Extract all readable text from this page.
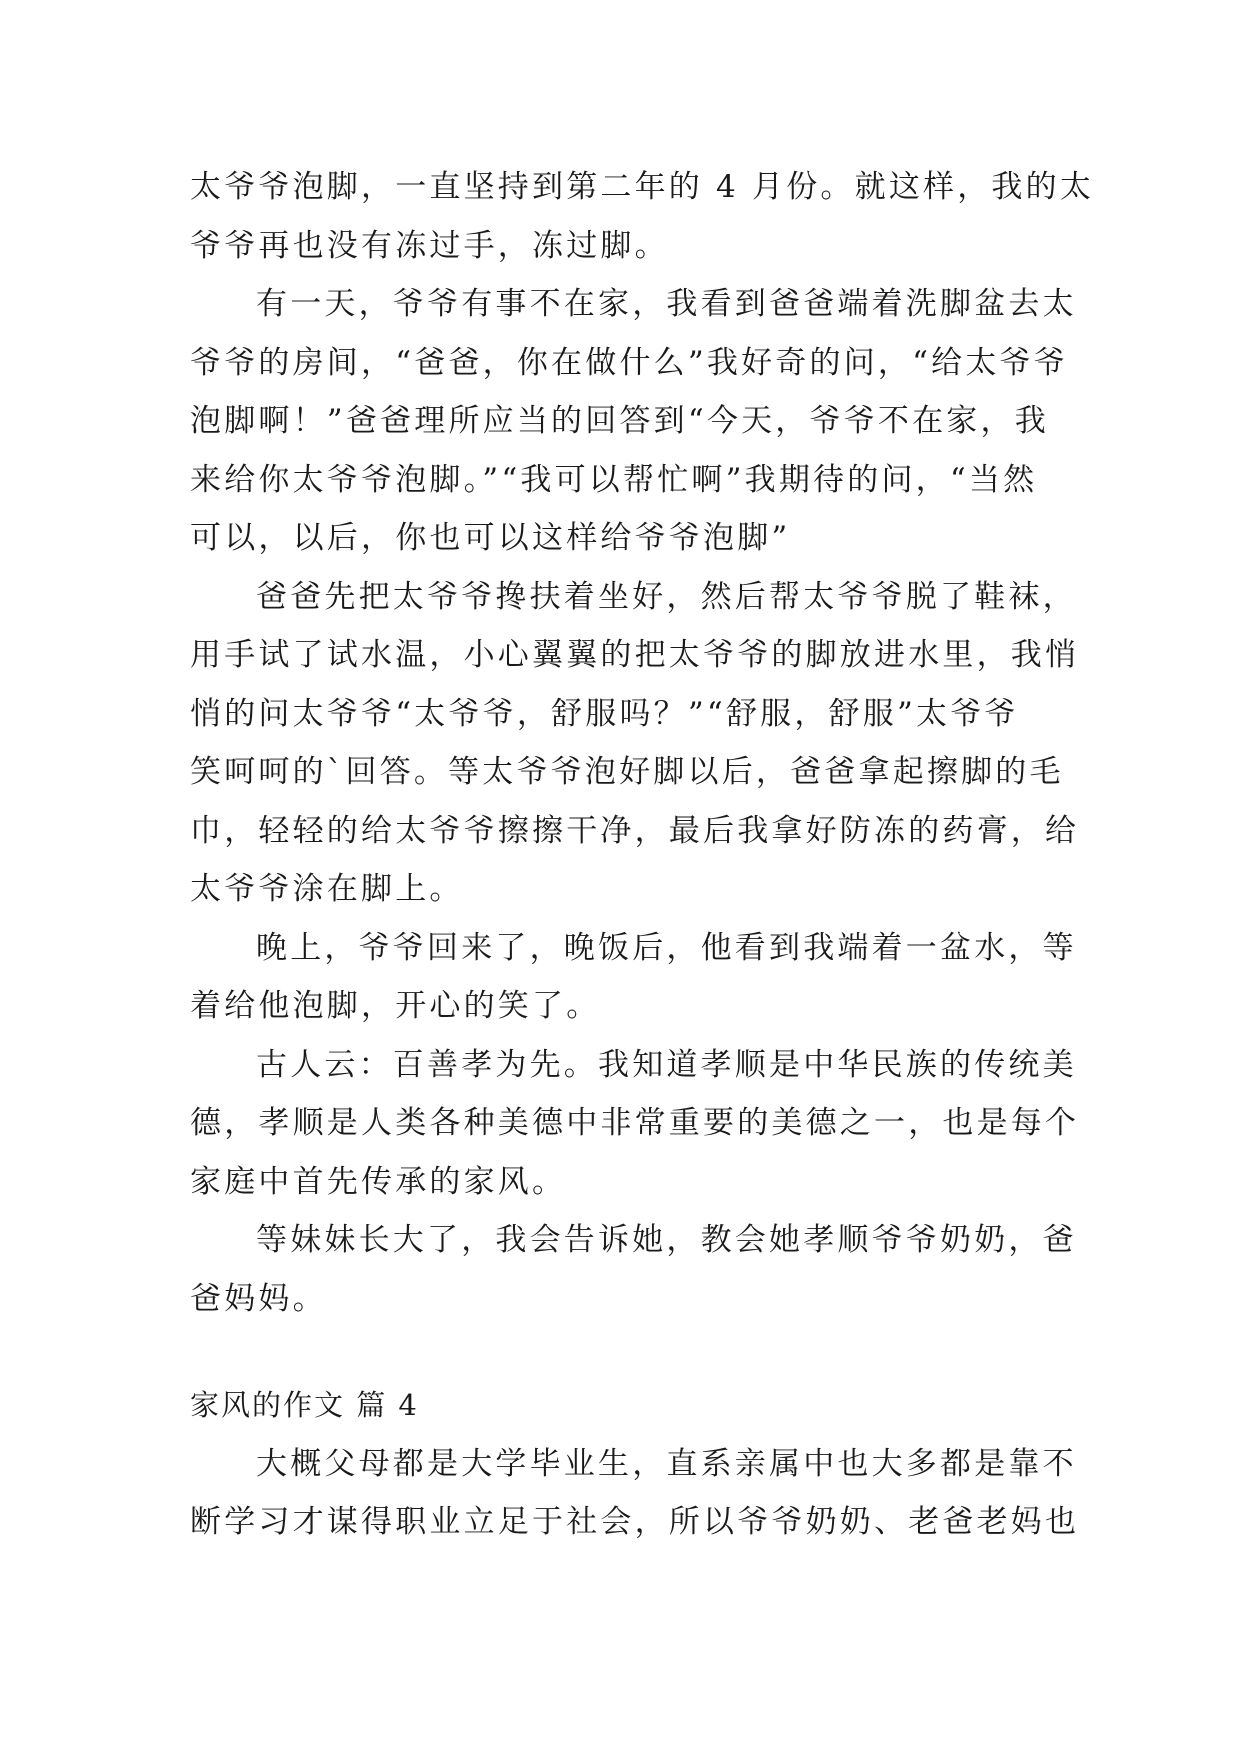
太爷爷泡脚，一直坚持到第二年的 4 月份。就这样，我的太
爷爷再也没有冻过手，冻过脚。
有一天，爷爷有事不在家，我看到爸爸端着洗脚盆去太
爷爷的房间，“爸爸，你在做什么”我好奇的问，“给太爷爷
泡脚啊！”爸爸理所应当的回答到“今天，爷爷不在家，我
来给你太爷爷泡脚。”“我可以帮忙啊”我期待的问，“当然
可以，以后，你也可以这样给爷爷泡脚”
爸爸先把太爷爷搀扶着坐好，然后帮太爷爷脱了鞋袜，
用手试了试水温，小心翼翼的把太爷爷的脚放进水里，我悄
悄的问太爷爷“太爷爷，舒服吗？”“舒服，舒服”太爷爷
笑呵呵的`回答。等太爷爷泡好脚以后，爸爸拿起擦脚的毛
巾，轻轻的给太爷爷擦擦干净，最后我拿好防冻的药膏，给
太爷爷涂在脚上。
晚上，爷爷回来了，晚饭后，他看到我端着一盆水，等
着给他泡脚，开心的笑了。
古人云：百善孝为先。我知道孝顺是中华民族的传统美
德，孝顺是人类各种美德中非常重要的美德之一，也是每个
家庭中首先传承的家风。
等妹妹长大了，我会告诉她，教会她孝顺爷爷奶奶，爸
爸妈妈。
家风的作文 篇 4
大概父母都是大学毕业生，直系亲属中也大多都是靠不
断学习才谋得职业立足于社会，所以爷爷奶奶、老爸老妈也
